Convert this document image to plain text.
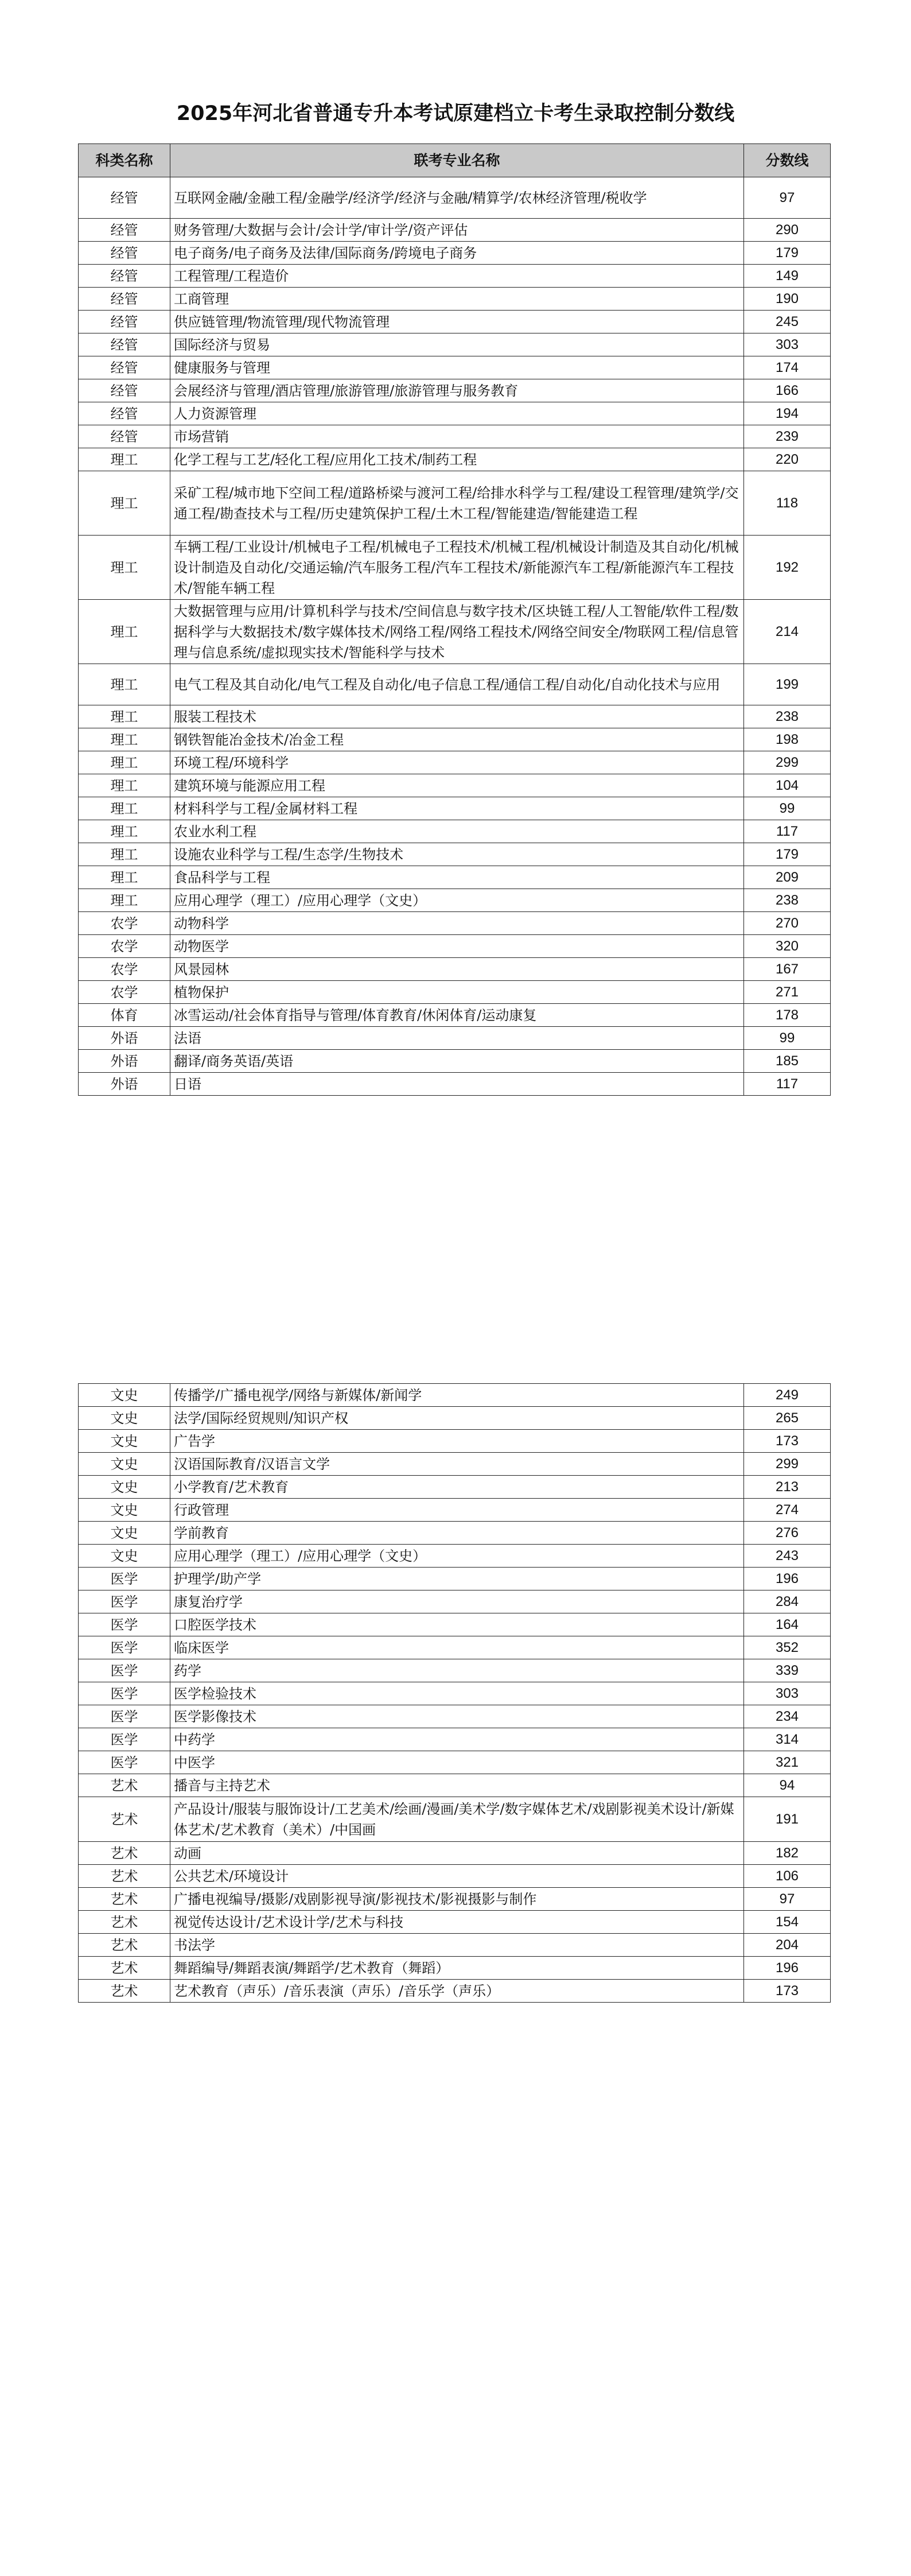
2025年河北省普通专升本考试原建档立卡考生录取控制分数线
科类名称	联考专业名称	分数线
经管	互联网金融/金融工程/金融学/经济学/经济与金融/精算学/农林经济管理/税收学	97
经管	财务管理/大数据与会计/会计学/审计学/资产评估	290
经管	电子商务/电子商务及法律/国际商务/跨境电子商务	179
经管	工程管理/工程造价	149
经管	工商管理	190
经管	供应链管理/物流管理/现代物流管理	245
经管	国际经济与贸易	303
经管	健康服务与管理	174
经管	会展经济与管理/酒店管理/旅游管理/旅游管理与服务教育	166
经管	人力资源管理	194
经管	市场营销	239
理工	化学工程与工艺/轻化工程/应用化工技术/制药工程	220
理工	采矿工程/城市地下空间工程/道路桥梁与渡河工程/给排水科学与工程/建设工程管理/建筑学/交通工程/勘查技术与工程/历史建筑保护工程/土木工程/智能建造/智能建造工程	118
理工	车辆工程/工业设计/机械电子工程/机械电子工程技术/机械工程/机械设计制造及其自动化/机械设计制造及自动化/交通运输/汽车服务工程/汽车工程技术/新能源汽车工程/新能源汽车工程技术/智能车辆工程	192
理工	大数据管理与应用/计算机科学与技术/空间信息与数字技术/区块链工程/人工智能/软件工程/数据科学与大数据技术/数字媒体技术/网络工程/网络工程技术/网络空间安全/物联网工程/信息管理与信息系统/虚拟现实技术/智能科学与技术	214
理工	电气工程及其自动化/电气工程及自动化/电子信息工程/通信工程/自动化/自动化技术与应用	199
理工	服装工程技术	238
理工	钢铁智能冶金技术/冶金工程	198
理工	环境工程/环境科学	299
理工	建筑环境与能源应用工程	104
理工	材料科学与工程/金属材料工程	99
理工	农业水利工程	117
理工	设施农业科学与工程/生态学/生物技术	179
理工	食品科学与工程	209
理工	应用心理学（理工）/应用心理学（文史）	238
农学	动物科学	270
农学	动物医学	320
农学	风景园林	167
农学	植物保护	271
体育	冰雪运动/社会体育指导与管理/体育教育/休闲体育/运动康复	178
外语	法语	99
外语	翻译/商务英语/英语	185
外语	日语	117
文史	传播学/广播电视学/网络与新媒体/新闻学	249
文史	法学/国际经贸规则/知识产权	265
文史	广告学	173
文史	汉语国际教育/汉语言文学	299
文史	小学教育/艺术教育	213
文史	行政管理	274
文史	学前教育	276
文史	应用心理学（理工）/应用心理学（文史）	243
医学	护理学/助产学	196
医学	康复治疗学	284
医学	口腔医学技术	164
医学	临床医学	352
医学	药学	339
医学	医学检验技术	303
医学	医学影像技术	234
医学	中药学	314
医学	中医学	321
艺术	播音与主持艺术	94
艺术	产品设计/服装与服饰设计/工艺美术/绘画/漫画/美术学/数字媒体艺术/戏剧影视美术设计/新媒体艺术/艺术教育（美术）/中国画	191
艺术	动画	182
艺术	公共艺术/环境设计	106
艺术	广播电视编导/摄影/戏剧影视导演/影视技术/影视摄影与制作	97
艺术	视觉传达设计/艺术设计学/艺术与科技	154
艺术	书法学	204
艺术	舞蹈编导/舞蹈表演/舞蹈学/艺术教育（舞蹈）	196
艺术	艺术教育（声乐）/音乐表演（声乐）/音乐学（声乐）	173
